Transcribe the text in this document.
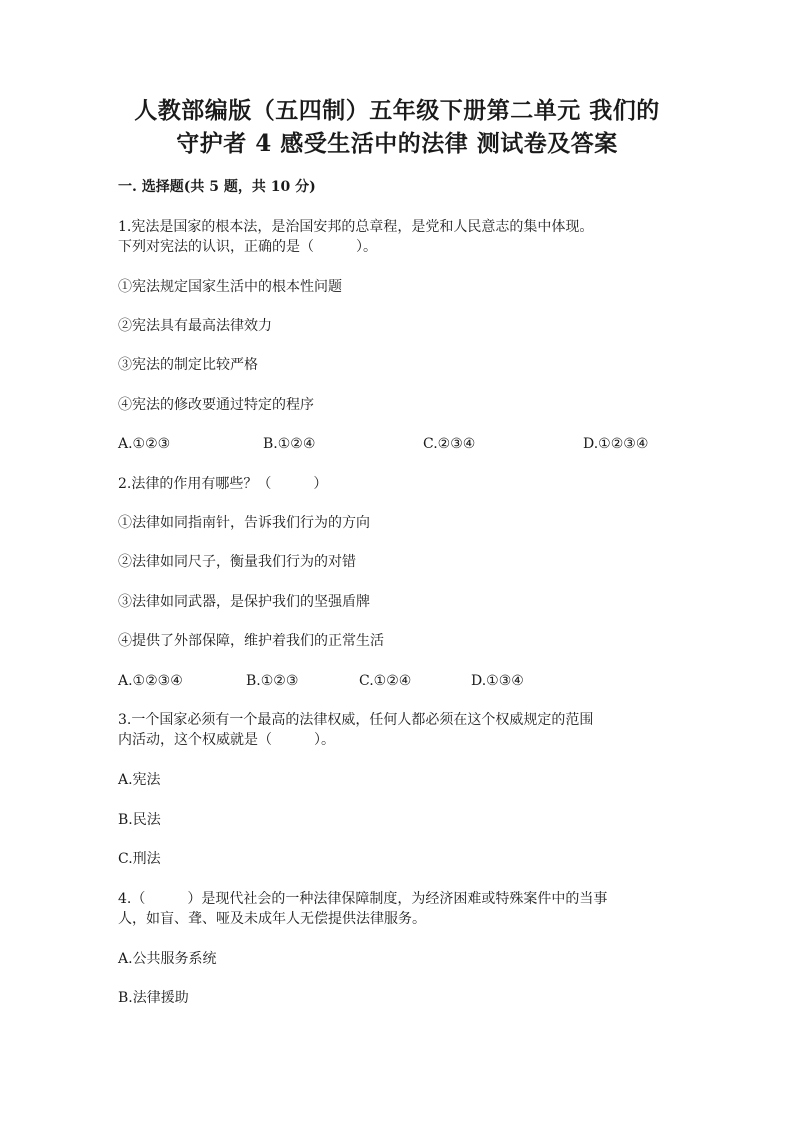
人教部编版（五四制）五年级下册第二单元 我们的
守护者 4 感受生活中的法律 测试卷及答案
一. 选择题(共 5 题，共 10 分)
1.宪法是国家的根本法，是治国安邦的总章程，是党和人民意志的集中体现。
下列对宪法的认识，正确的是（　　　）。
①宪法规定国家生活中的根本性问题
②宪法具有最高法律效力
③宪法的制定比较严格
④宪法的修改要通过特定的程序
A.①②③	B.①②④	C.②③④	D.①②③④
2.法律的作用有哪些？（　　　）
①法律如同指南针，告诉我们行为的方向
②法律如同尺子，衡量我们行为的对错
③法律如同武器，是保护我们的坚强盾牌
④提供了外部保障，维护着我们的正常生活
A.①②③④	B.①②③	C.①②④	D.①③④
3.一个国家必须有一个最高的法律权威，任何人都必须在这个权威规定的范围
内活动，这个权威就是（　　　）。
A.宪法
B.民法
C.刑法
4.（　　　）是现代社会的一种法律保障制度，为经济困难或特殊案件中的当事
人，如盲、聋、哑及未成年人无偿提供法律服务。
A.公共服务系统
B.法律援助
